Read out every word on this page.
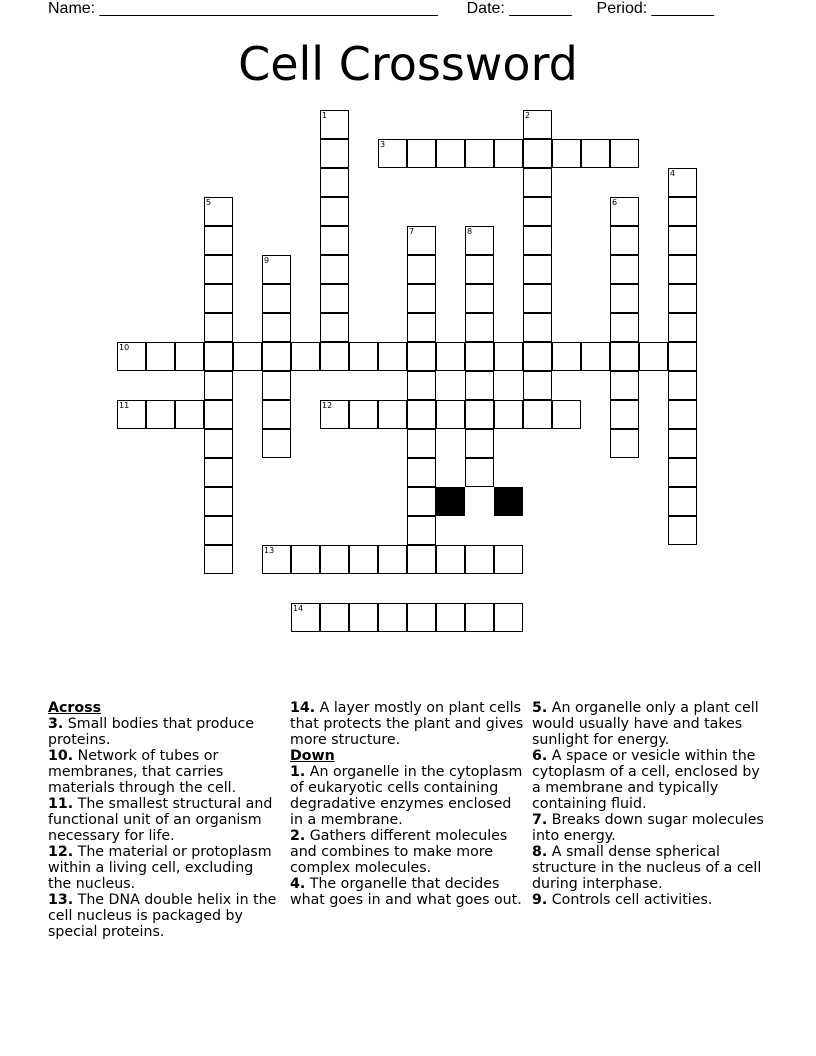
Name: ______________________________________ Date: _______ Period: _______
Cell Crossword
1	2
3
4
5	6
7	8
9
10
11	12
13
14
Across

3. Small bodies that produce proteins.

10. Network of tubes or membranes, that carries materials through the cell.

11. The smallest structural and functional unit of an organism necessary for life.

12. The material or protoplasm within a living cell, excluding the nucleus.

13. The DNA double helix in the cell nucleus is packaged by special proteins.

14. A layer mostly on plant cells that protects the plant and gives more structure.

Down

1. An organelle in the cytoplasm of eukaryotic cells containing degradative enzymes enclosed in a membrane.

2. Gathers different molecules and combines to make more complex molecules.

4. The organelle that decides what goes in and what goes out.

5. An organelle only a plant cell would usually have and takes sunlight for energy.

6. A space or vesicle within the cytoplasm of a cell, enclosed by a membrane and typically containing fluid.

7. Breaks down sugar molecules into energy.

8. A small dense spherical structure in the nucleus of a cell during interphase.

9. Controls cell activities.
